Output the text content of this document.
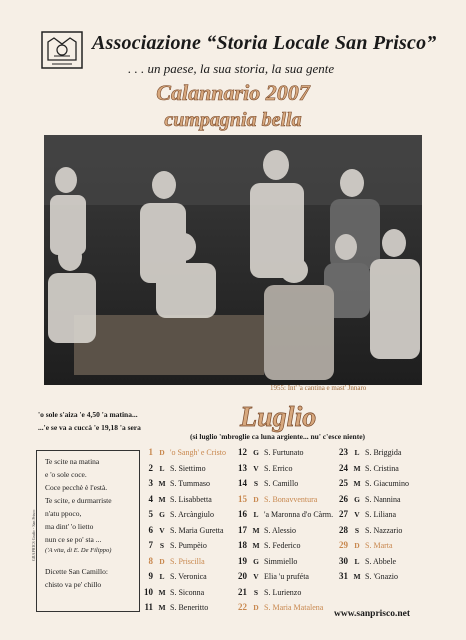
Associazione “Storia Locale San Prisco”
. . . un paese, la sua storia, la sua gente
Calannario 2007
cumpagnia bella
1955: Int' 'a cantina e mast' Jnnaro
'o sole s'aiza 'e 4,50 'a matina...
...'e se va a cuccà 'e 19,18 'a sera	Luglio
(si luglio 'mbroglie ca luna argiente... nu' c'esce niente)
Te scite na matina
e 'o sole coce.
Coce pecchè è l'està.
Te scite, e durmarriste
n'atu ppoco,
ma dint' 'o lietto
nun ce se po' sta ...
('A vita, di E. De Filippo)
Dicette San Camillo:
chisto va pe' chillo
GRAPHICS Grafic - San Prisco
1 D 'o Sangh' e Cristo
2 L S. Siettimo
3 M S. Tummaso
4 M S. Lisabbetta
5 G S. Arcàngiulo
6 V S. Maria Guretta
7 S S. Pumpèio
8 D S. Priscilla
9 L S. Veronica
10 M S. Siconna
11 M S. Beneritto
12 G S. Furtunato
13 V S. Errico
14 S S. Camillo
15 D S. Bonavventura
16 L 'a Maronna d'o Càrm.
17 M S. Alessio
18 M S. Federico
19 G Simmiello
20 V Elia 'u pruféta
21 S S. Lurienzo
22 D S. Maria Matalena
23 L S. Briggida
24 M S. Cristina
25 M S. Giacumino
26 G S. Nannina
27 V S. Liliana
28 S S. Nazzario
29 D S. Marta
30 L S. Abbele
31 M S. 'Gnazio
www.sanprisco.net
